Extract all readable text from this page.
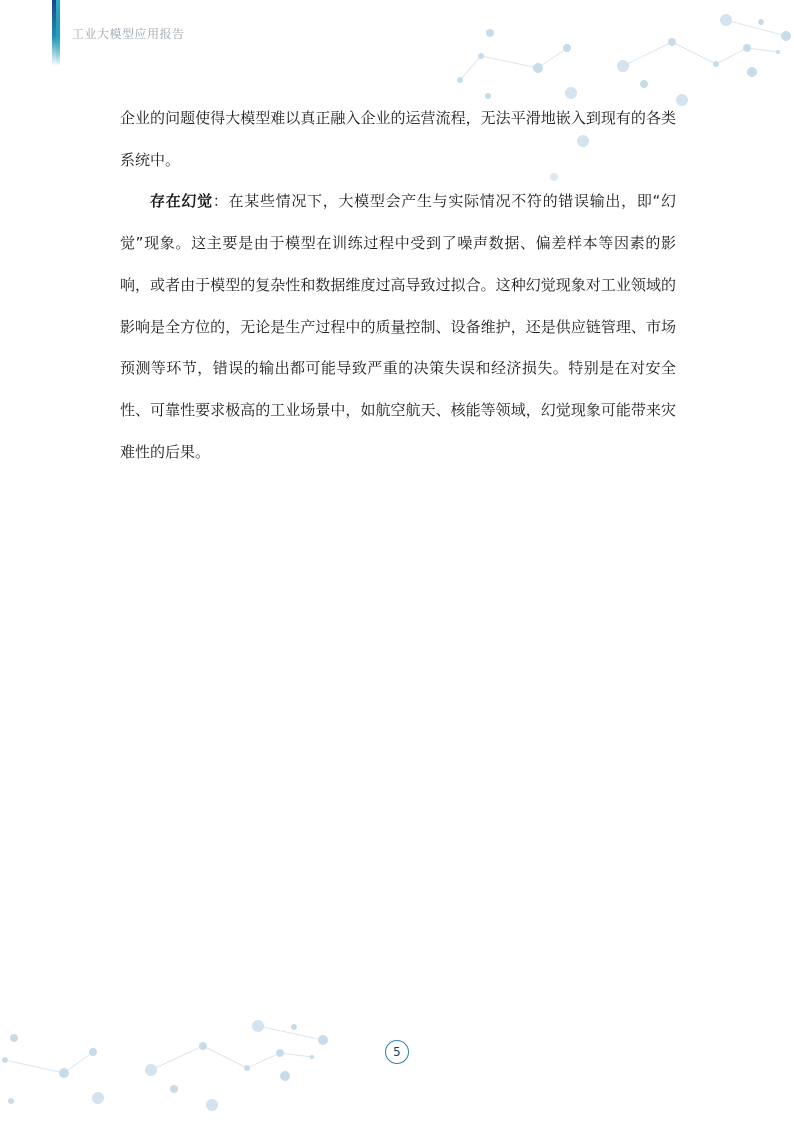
工业大模型应用报告

企业的问题使得大模型难以真正融入企业的运营流程，无法平滑地嵌入到现有的各类系统中。

存在幻觉：在某些情况下，大模型会产生与实际情况不符的错误输出，即“幻觉”现象。这主要是由于模型在训练过程中受到了噪声数据、偏差样本等因素的影响，或者由于模型的复杂性和数据维度过高导致过拟合。这种幻觉现象对工业领域的影响是全方位的，无论是生产过程中的质量控制、设备维护，还是供应链管理、市场预测等环节，错误的输出都可能导致严重的决策失误和经济损失。特别是在对安全性、可靠性要求极高的工业场景中，如航空航天、核能等领域，幻觉现象可能带来灾难性的后果。

5
